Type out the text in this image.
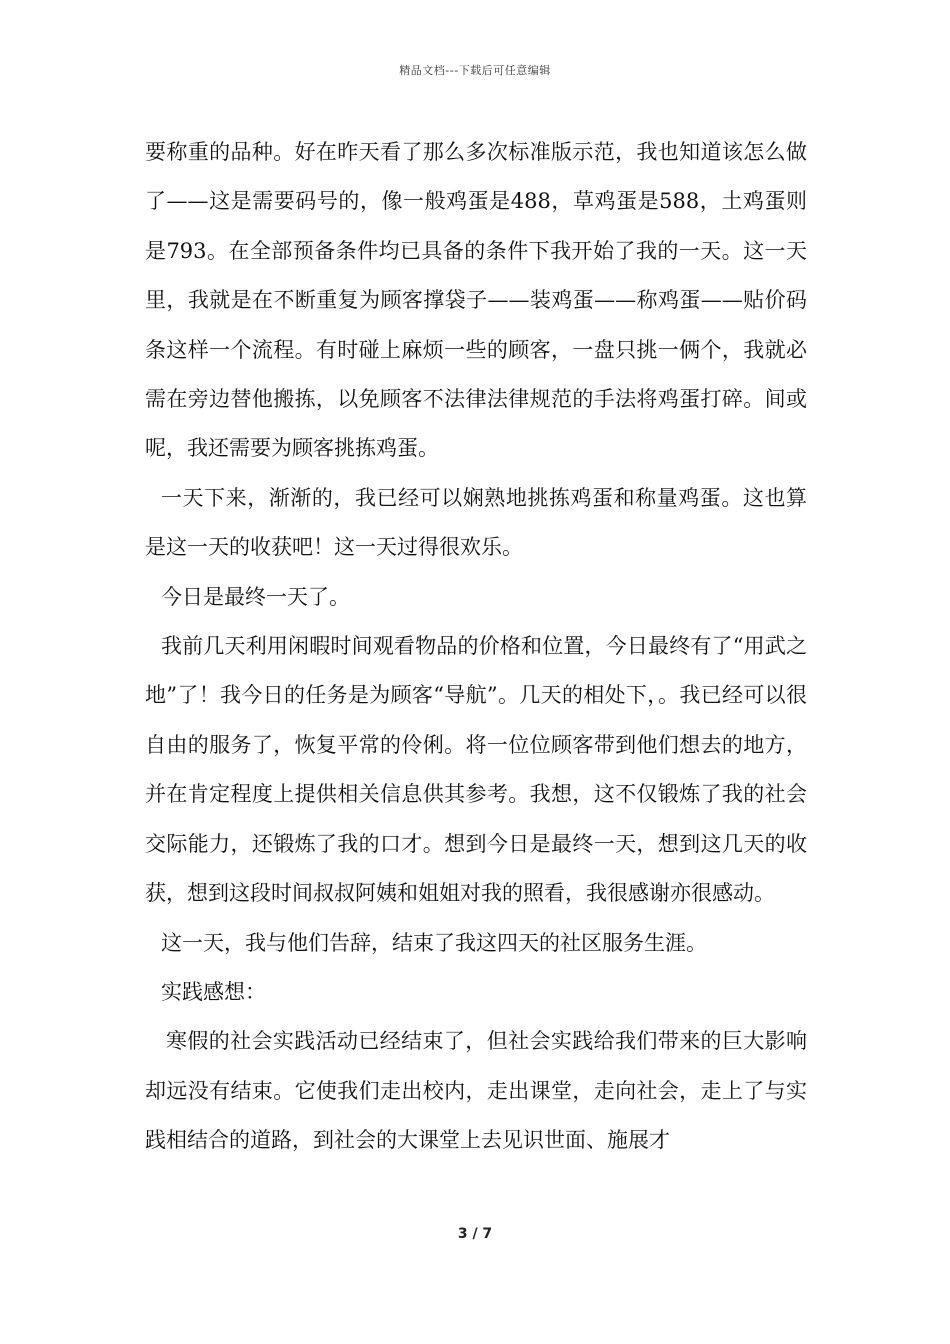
精品文档---下载后可任意编辑

要称重的品种。好在昨天看了那么多次标准版示范，我也知道该怎么做了——这是需要码号的，像一般鸡蛋是488，草鸡蛋是588，土鸡蛋则是793。在全部预备条件均已具备的条件下我开始了我的一天。这一天里，我就是在不断重复为顾客撑袋子——装鸡蛋——称鸡蛋——贴价码条这样一个流程。有时碰上麻烦一些的顾客，一盘只挑一俩个，我就必需在旁边替他搬拣，以免顾客不法律法律规范的手法将鸡蛋打碎。间或呢，我还需要为顾客挑拣鸡蛋。

一天下来，渐渐的，我已经可以娴熟地挑拣鸡蛋和称量鸡蛋。这也算是这一天的收获吧！这一天过得很欢乐。

今日是最终一天了。

我前几天利用闲暇时间观看物品的价格和位置，今日最终有了“用武之地”了！我今日的任务是为顾客“导航”。几天的相处下，。我已经可以很自由的服务了，恢复平常的伶俐。将一位位顾客带到他们想去的地方，并在肯定程度上提供相关信息供其参考。我想，这不仅锻炼了我的社会交际能力，还锻炼了我的口才。想到今日是最终一天，想到这几天的收获，想到这段时间叔叔阿姨和姐姐对我的照看，我很感谢亦很感动。

这一天，我与他们告辞，结束了我这四天的社区服务生涯。

实践感想：

寒假的社会实践活动已经结束了，但社会实践给我们带来的巨大影响却远没有结束。它使我们走出校内，走出课堂，走向社会，走上了与实践相结合的道路，到社会的大课堂上去见识世面、施展才

3 / 7
